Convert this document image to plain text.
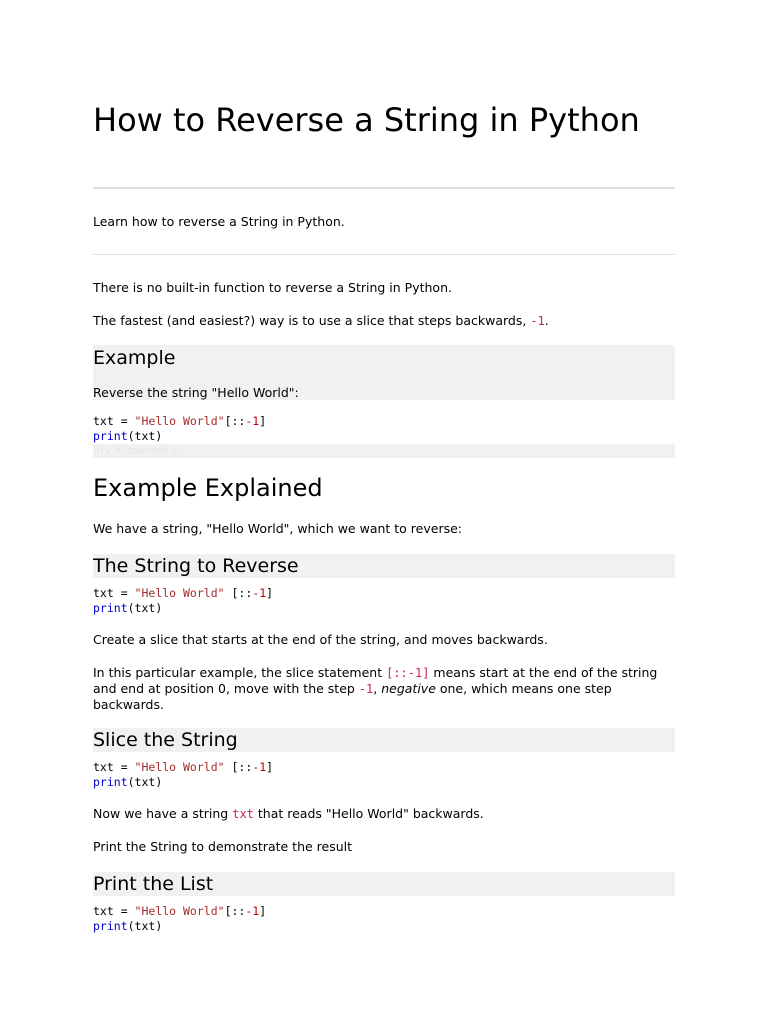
How to Reverse a String in Python

Learn how to reverse a String in Python.

There is no built-in function to reverse a String in Python.

The fastest (and easiest?) way is to use a slice that steps backwards, -1.

Example

Reverse the string "Hello World":

txt = "Hello World"[::-1]
print(txt)
Try it Yourself »
Example Explained

We have a string, "Hello World", which we want to reverse:

The String to Reverse
txt = "Hello World" [::-1]
print(txt)

Create a slice that starts at the end of the string, and moves backwards.

In this particular example, the slice statement [::-1] means start at the end of the string and end at position 0, move with the step -1, negative one, which means one step backwards.

Slice the String
txt = "Hello World" [::-1]
print(txt)

Now we have a string txt that reads "Hello World" backwards.

Print the String to demonstrate the result

Print the List
txt = "Hello World"[::-1]
print(txt)
